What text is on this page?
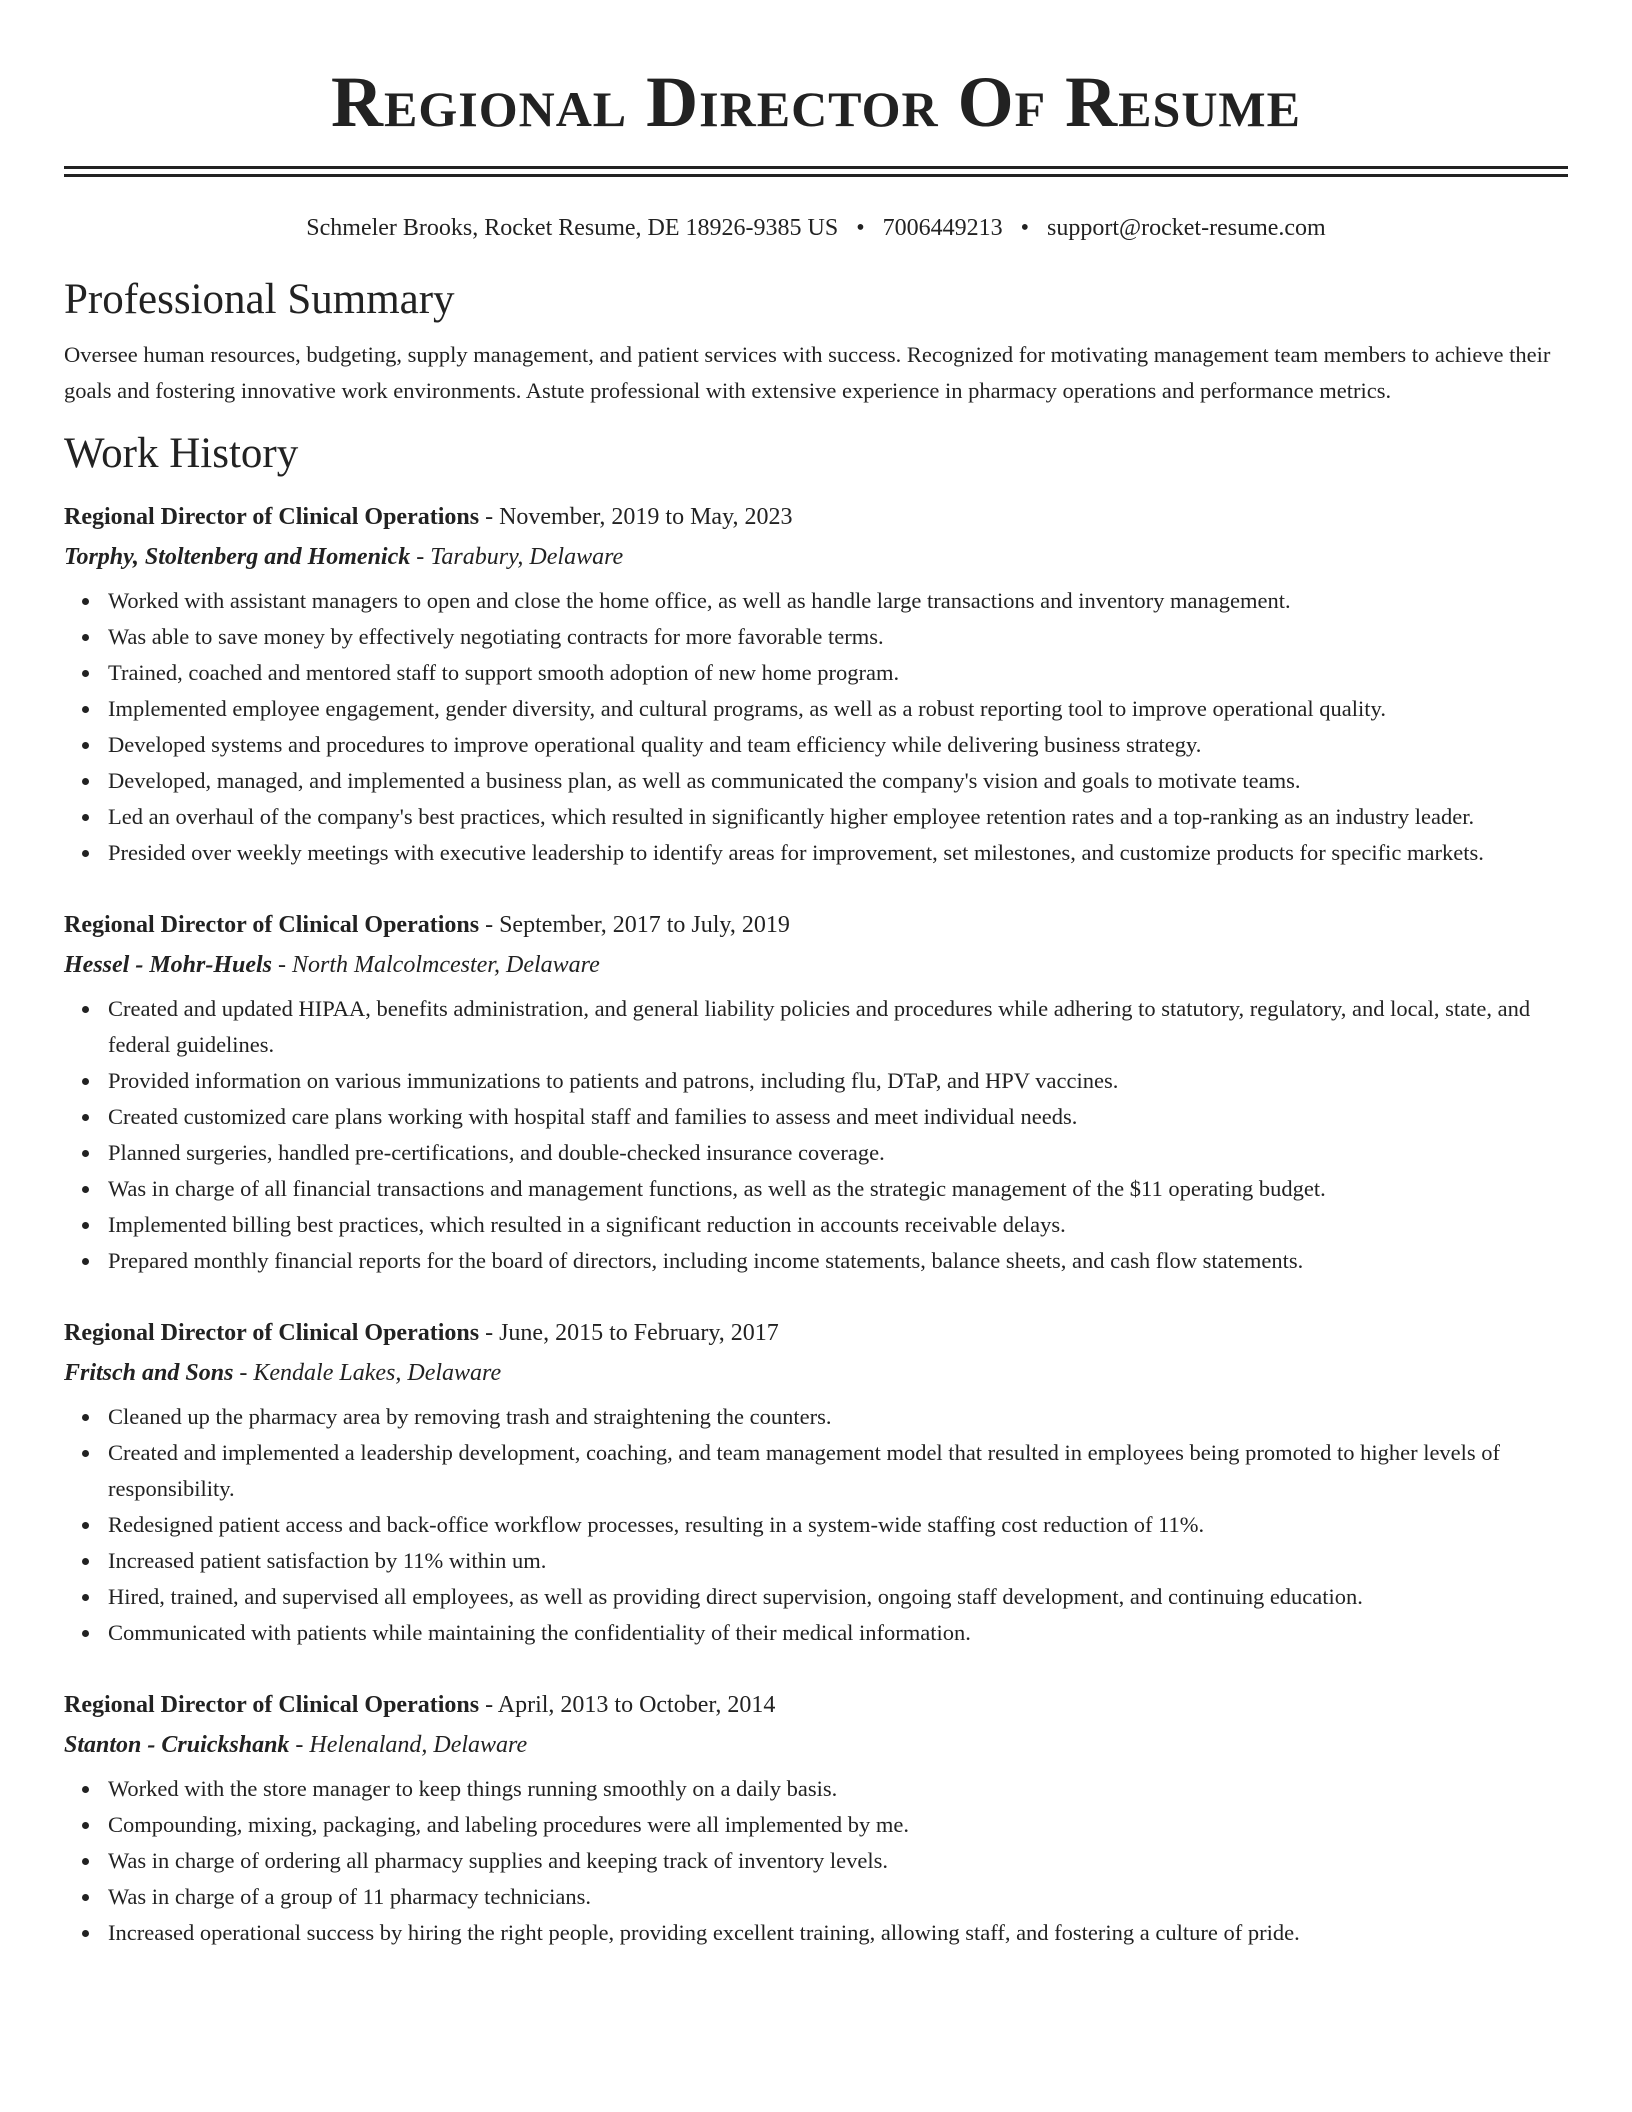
Regional Director Of Resume
Schmeler Brooks, Rocket Resume, DE 18926-9385 US • 7006449213 • support@rocket-resume.com
Professional Summary
Oversee human resources, budgeting, supply management, and patient services with success. Recognized for motivating management team members to achieve their goals and fostering innovative work environments. Astute professional with extensive experience in pharmacy operations and performance metrics.
Work History
Regional Director of Clinical Operations - November, 2019 to May, 2023
Torphy, Stoltenberg and Homenick - Tarabury, Delaware
Worked with assistant managers to open and close the home office, as well as handle large transactions and inventory management.
Was able to save money by effectively negotiating contracts for more favorable terms.
Trained, coached and mentored staff to support smooth adoption of new home program.
Implemented employee engagement, gender diversity, and cultural programs, as well as a robust reporting tool to improve operational quality.
Developed systems and procedures to improve operational quality and team efficiency while delivering business strategy.
Developed, managed, and implemented a business plan, as well as communicated the company's vision and goals to motivate teams.
Led an overhaul of the company's best practices, which resulted in significantly higher employee retention rates and a top-ranking as an industry leader.
Presided over weekly meetings with executive leadership to identify areas for improvement, set milestones, and customize products for specific markets.
Regional Director of Clinical Operations - September, 2017 to July, 2019
Hessel - Mohr-Huels - North Malcolmcester, Delaware
Created and updated HIPAA, benefits administration, and general liability policies and procedures while adhering to statutory, regulatory, and local, state, and federal guidelines.
Provided information on various immunizations to patients and patrons, including flu, DTaP, and HPV vaccines.
Created customized care plans working with hospital staff and families to assess and meet individual needs.
Planned surgeries, handled pre-certifications, and double-checked insurance coverage.
Was in charge of all financial transactions and management functions, as well as the strategic management of the $11 operating budget.
Implemented billing best practices, which resulted in a significant reduction in accounts receivable delays.
Prepared monthly financial reports for the board of directors, including income statements, balance sheets, and cash flow statements.
Regional Director of Clinical Operations - June, 2015 to February, 2017
Fritsch and Sons - Kendale Lakes, Delaware
Cleaned up the pharmacy area by removing trash and straightening the counters.
Created and implemented a leadership development, coaching, and team management model that resulted in employees being promoted to higher levels of responsibility.
Redesigned patient access and back-office workflow processes, resulting in a system-wide staffing cost reduction of 11%.
Increased patient satisfaction by 11% within um.
Hired, trained, and supervised all employees, as well as providing direct supervision, ongoing staff development, and continuing education.
Communicated with patients while maintaining the confidentiality of their medical information.
Regional Director of Clinical Operations - April, 2013 to October, 2014
Stanton - Cruickshank - Helenaland, Delaware
Worked with the store manager to keep things running smoothly on a daily basis.
Compounding, mixing, packaging, and labeling procedures were all implemented by me.
Was in charge of ordering all pharmacy supplies and keeping track of inventory levels.
Was in charge of a group of 11 pharmacy technicians.
Increased operational success by hiring the right people, providing excellent training, allowing staff, and fostering a culture of pride.
